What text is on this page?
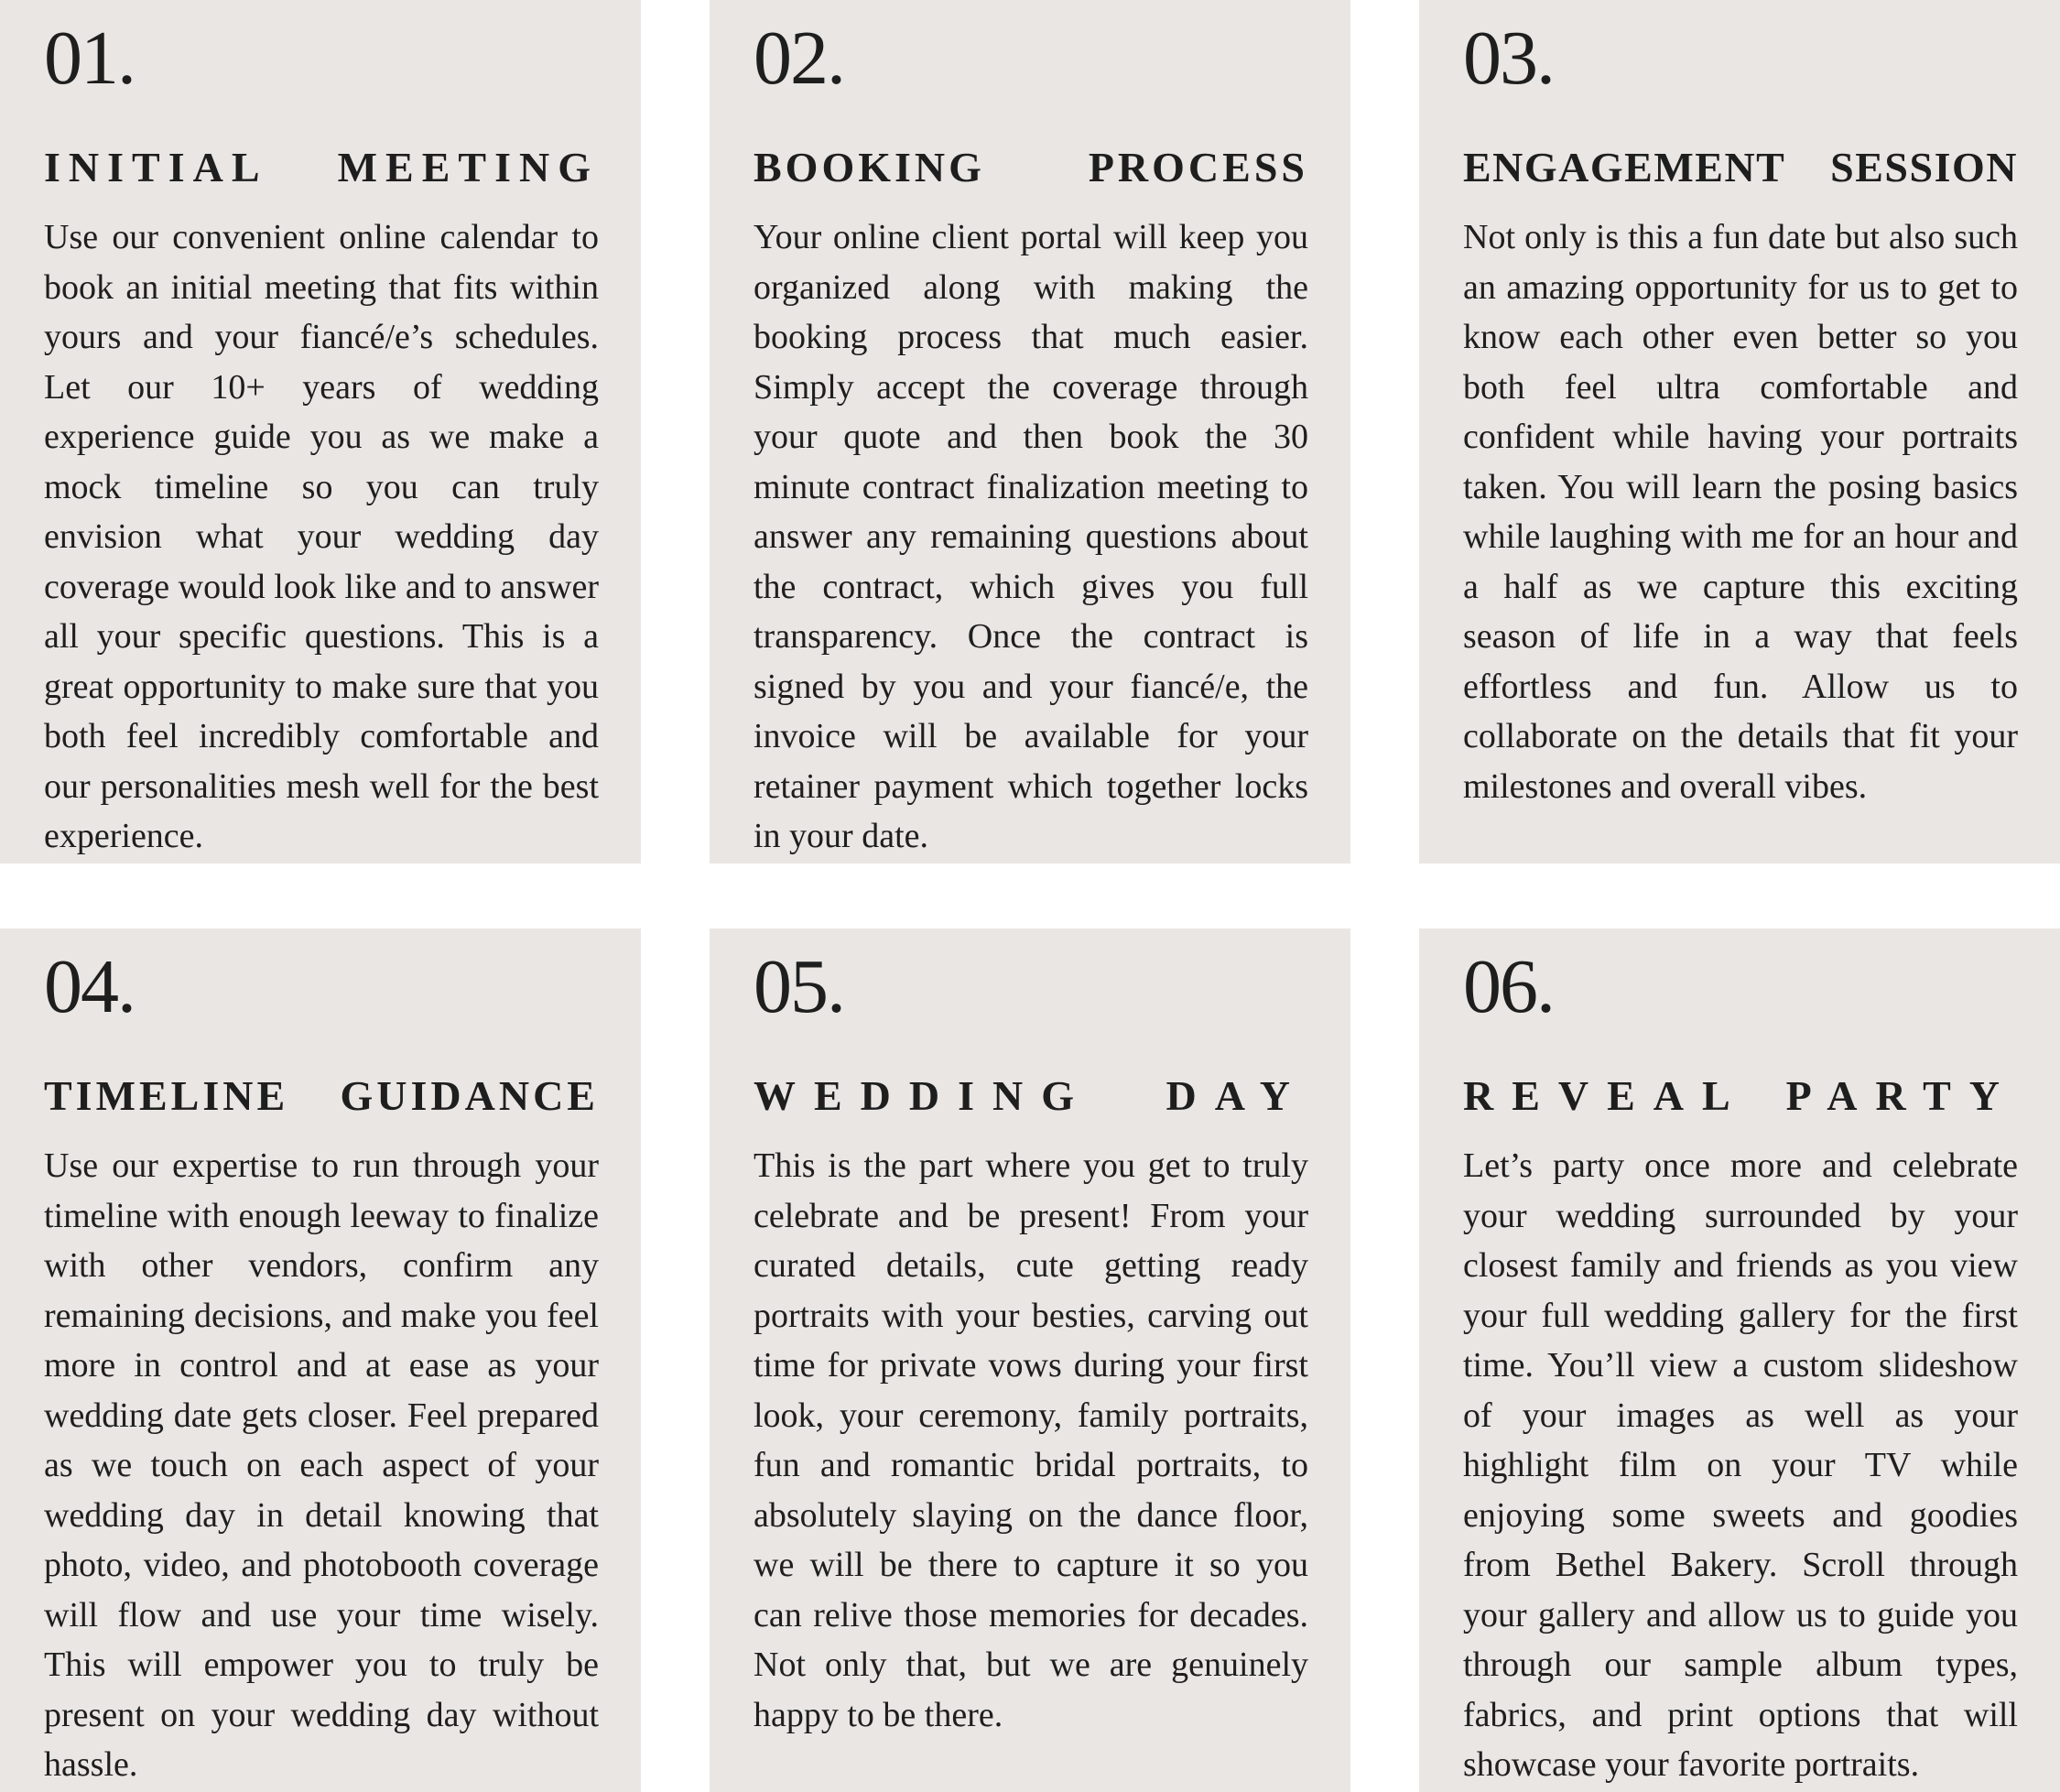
01.
INITIAL MEETING
Use our convenient online calendar to book an initial meeting that fits within yours and your fiancé/e’s schedules. Let our 10+ years of wedding experience guide you as we make a mock timeline so you can truly envision what your wedding day coverage would look like and to answer all your specific questions. This is a great opportunity to make sure that you both feel incredibly comfortable and our personalities mesh well for the best experience.
02.
BOOKING PROCESS
Your online client portal will keep you organized along with making the booking process that much easier. Simply accept the coverage through your quote and then book the 30 minute contract finalization meeting to answer any remaining questions about the contract, which gives you full transparency. Once the contract is signed by you and your fiancé/e, the invoice will be available for your retainer payment which together locks in your date.
03.
ENGAGEMENT SESSION
Not only is this a fun date but also such an amazing opportunity for us to get to know each other even better so you both feel ultra comfortable and confident while having your portraits taken. You will learn the posing basics while laughing with me for an hour and a half as we capture this exciting season of life in a way that feels effortless and fun. Allow us to collaborate on the details that fit your milestones and overall vibes.
04.
TIMELINE GUIDANCE
Use our expertise to run through your timeline with enough leeway to finalize with other vendors, confirm any remaining decisions, and make you feel more in control and at ease as your wedding date gets closer. Feel prepared as we touch on each aspect of your wedding day in detail knowing that photo, video, and photobooth coverage will flow and use your time wisely. This will empower you to truly be present on your wedding day without hassle.
05.
WEDDING DAY
This is the part where you get to truly celebrate and be present! From your curated details, cute getting ready portraits with your besties, carving out time for private vows during your first look, your ceremony, family portraits, fun and romantic bridal portraits, to absolutely slaying on the dance floor, we will be there to capture it so you can relive those memories for decades. Not only that, but we are genuinely happy to be there.
06.
REVEAL PARTY
Let’s party once more and celebrate your wedding surrounded by your closest family and friends as you view your full wedding gallery for the first time. You’ll view a custom slideshow of your images as well as your highlight film on your TV while enjoying some sweets and goodies from Bethel Bakery. Scroll through your gallery and allow us to guide you through our sample album types, fabrics, and print options that will showcase your favorite portraits.
